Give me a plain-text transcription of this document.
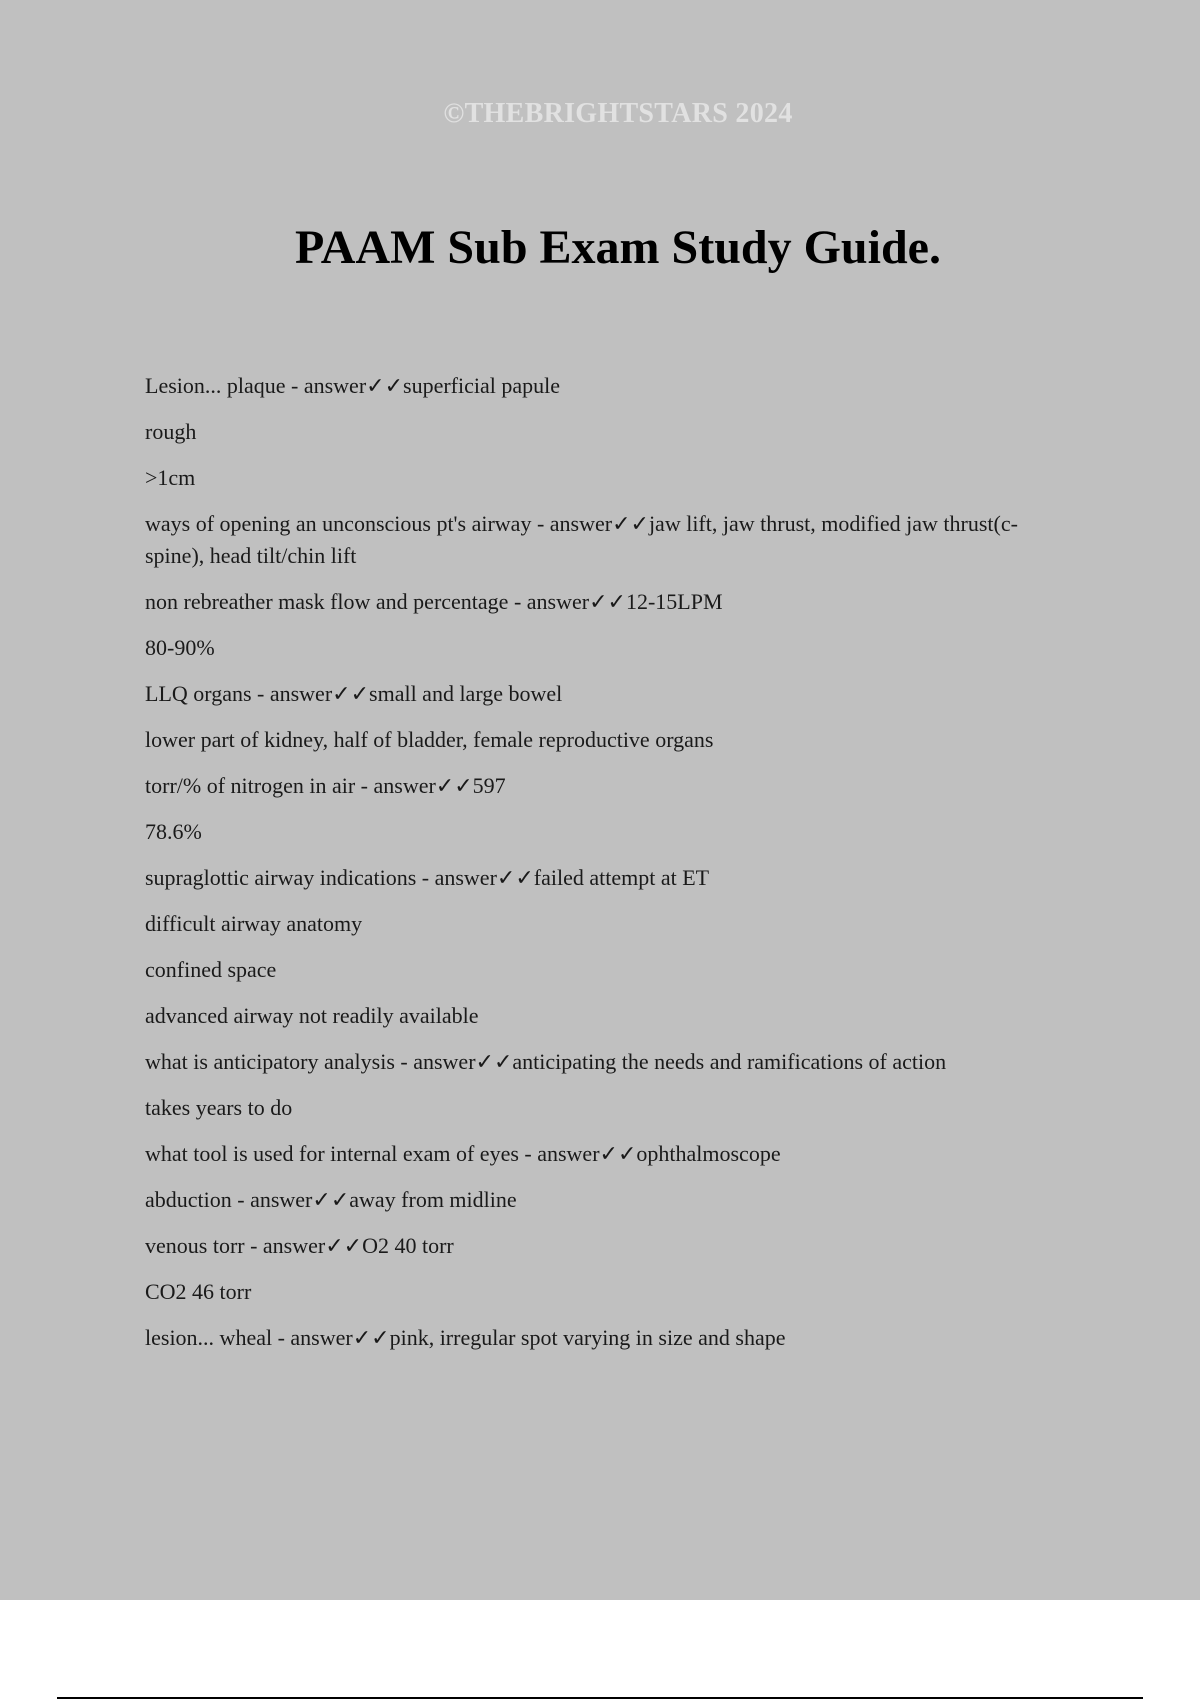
©THEBRIGHTSTARS 2024
PAAM Sub Exam Study Guide.

Lesion... plaque - answer✓✓superficial papule

rough

>1cm

ways of opening an unconscious pt's airway - answer✓✓jaw lift, jaw thrust, modified jaw thrust(c-spine), head tilt/chin lift

non rebreather mask flow and percentage - answer✓✓12-15LPM

80-90%

LLQ organs - answer✓✓small and large bowel

lower part of kidney, half of bladder, female reproductive organs

torr/% of nitrogen in air - answer✓✓597

78.6%

supraglottic airway indications - answer✓✓failed attempt at ET

difficult airway anatomy

confined space

advanced airway not readily available

what is anticipatory analysis - answer✓✓anticipating the needs and ramifications of action

takes years to do

what tool is used for internal exam of eyes - answer✓✓ophthalmoscope

abduction - answer✓✓away from midline

venous torr - answer✓✓O2 40 torr

CO2 46 torr

lesion... wheal - answer✓✓pink, irregular spot varying in size and shape
